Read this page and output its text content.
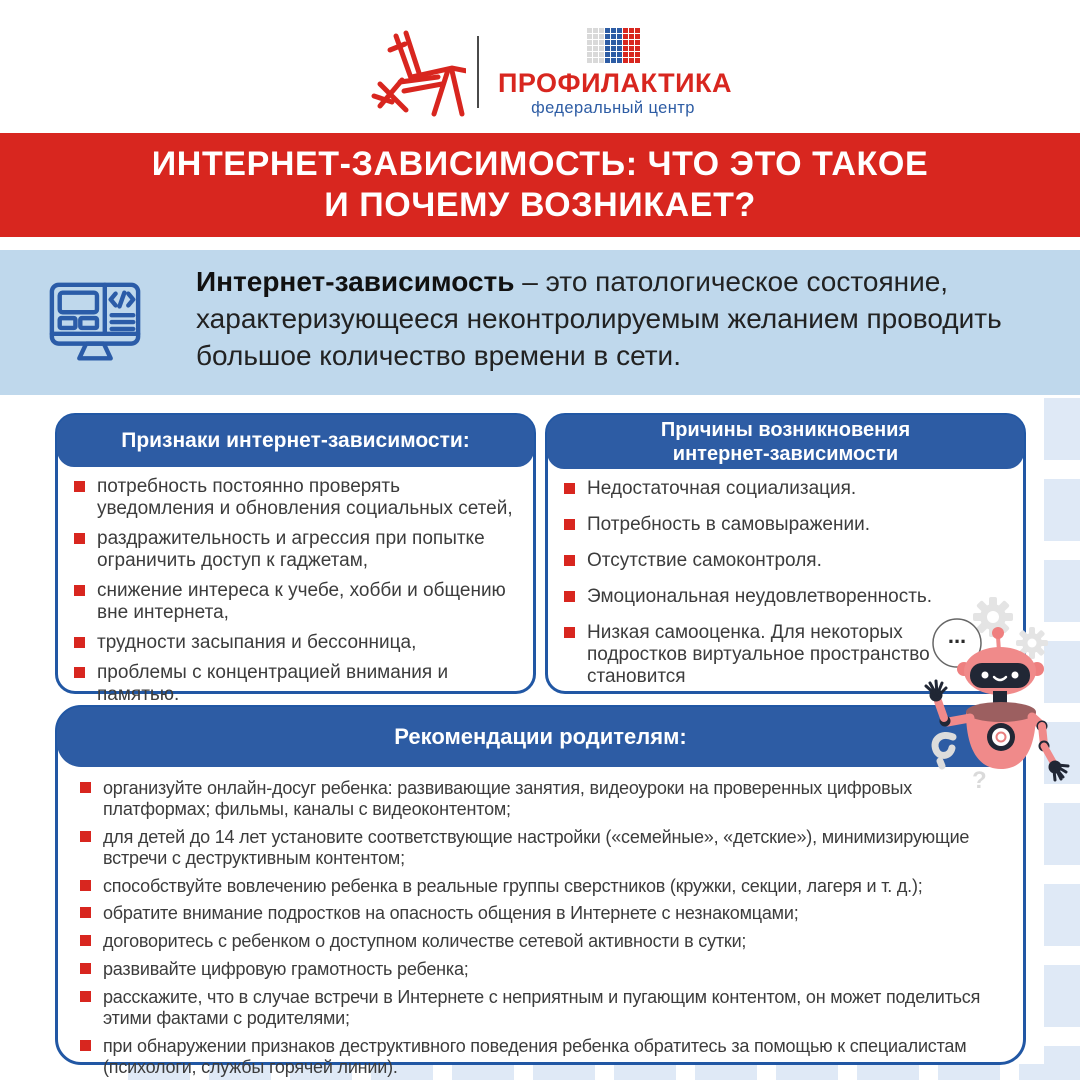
ПРОФИЛАКТИКА
федеральный центр
ИНТЕРНЕТ-ЗАВИСИМОСТЬ: ЧТО ЭТО ТАКОЕ
И ПОЧЕМУ ВОЗНИКАЕТ?
Интернет-зависимость – это патологическое состояние, характеризующееся неконтролируемым желанием проводить большое количество времени в сети.
Признаки интернет-зависимости:
потребность постоянно проверять уведомления и обновления социальных сетей,
раздражительность и агрессия при попытке ограничить доступ к гаджетам,
снижение интереса к учебе, хобби и общению вне интернета,
трудности засыпания и бессонница,
проблемы с концентрацией внимания и памятью.
Причины возникновения
интернет-зависимости
Недостаточная социализация.
Потребность в самовыражении.
Отсутствие самоконтроля.
Эмоциональная неудовлетворенность.
Низкая самооценка. Для некоторых подростков виртуальное пространство становится
Рекомендации родителям:
организуйте онлайн-досуг ребенка: развивающие занятия, видеоуроки на проверенных цифровых платформах; фильмы, каналы с видеоконтентом;
для детей до 14 лет установите соответствующие настройки («семейные», «детские»), минимизирующие встречи с деструктивным контентом;
способствуйте вовлечению ребенка в реальные группы сверстников (кружки, секции, лагеря и т. д.);
обратите внимание подростков на опасность общения в Интернете с незнакомцами;
договоритесь с ребенком о доступном количестве сетевой активности в сутки;
развивайте цифровую грамотность ребенка;
расскажите, что в случае встречи в Интернете с неприятным и пугающим контентом, он может поделиться этими фактами с родителями;
при обнаружении признаков деструктивного поведения ребенка обратитесь за помощью к специалистам (психологи, службы горячей линии).
?
...
